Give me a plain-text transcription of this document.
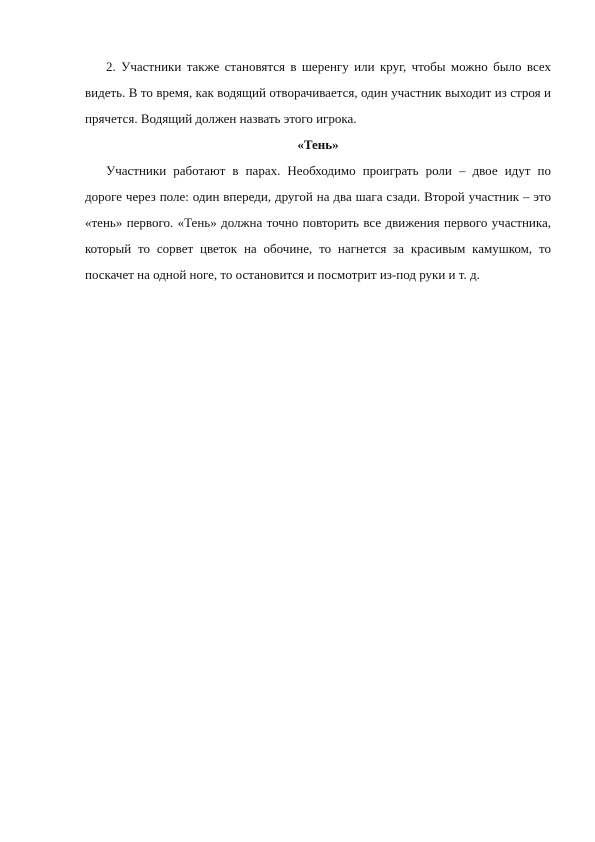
2. Участники также становятся в шеренгу или круг, чтобы можно было всех видеть. В то время, как водящий отворачивается, один участник выходит из строя и прячется. Водящий должен назвать этого игрока.

«Тень»

Участники работают в парах. Необходимо проиграть роли – двое идут по дороге через поле: один впереди, другой на два шага сзади. Второй участник – это «тень» первого. «Тень» должна точно повторить все движения первого участника, который то сорвет цветок на обочине, то нагнется за красивым камушком, то поскачет на одной ноге, то остановится и посмотрит из-под руки и т. д.
